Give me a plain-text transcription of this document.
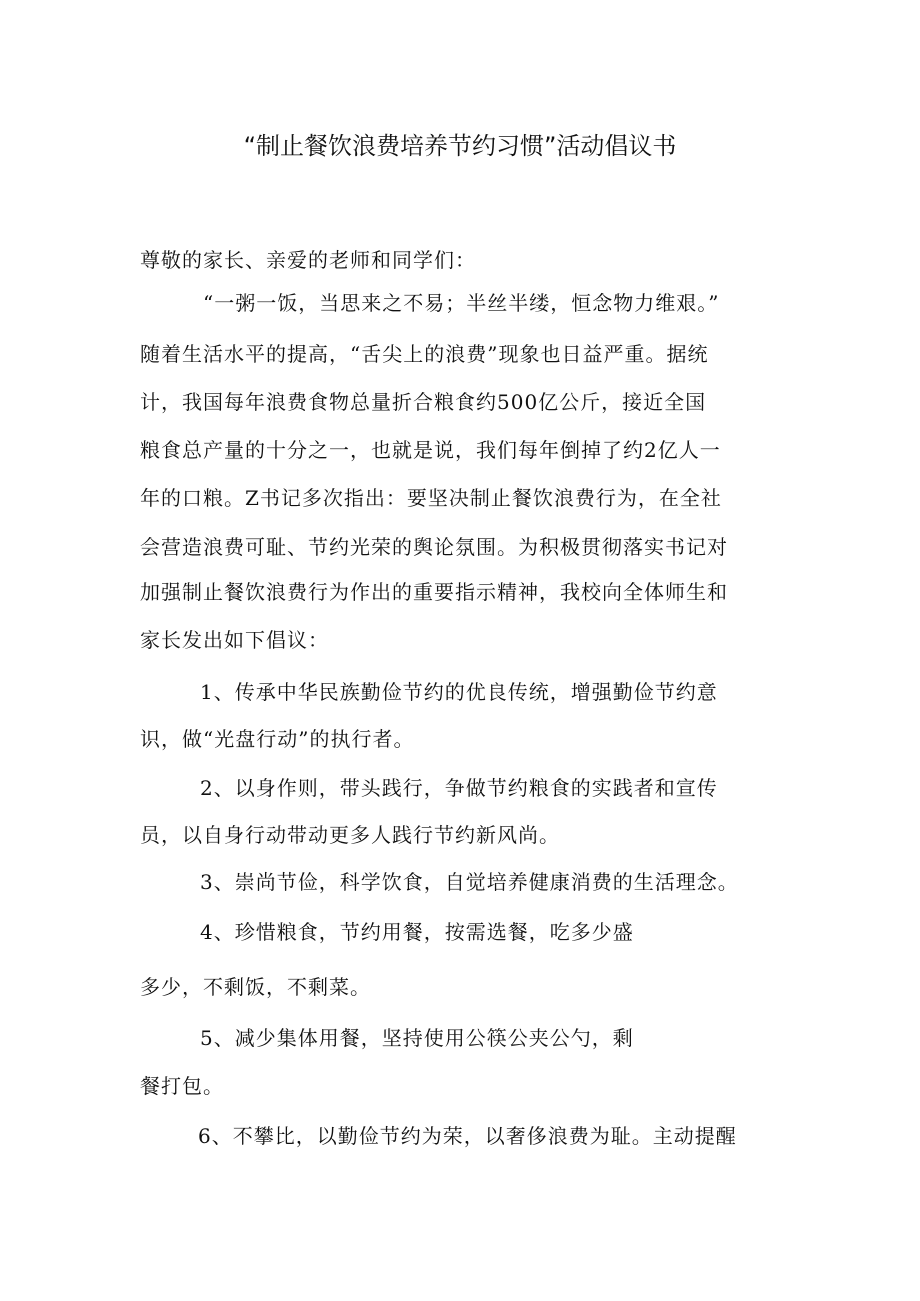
“制止餐饮浪费培养节约习惯”活动倡议书
尊敬的家长、亲爱的老师和同学们：
“一粥一饭，当思来之不易；半丝半缕，恒念物力维艰。”
随着生活水平的提高，“舌尖上的浪费”现象也日益严重。据统
计，我国每年浪费食物总量折合粮食约500亿公斤，接近全国
粮食总产量的十分之一，也就是说，我们每年倒掉了约2亿人一
年的口粮。Z书记多次指出：要坚决制止餐饮浪费行为，在全社
会营造浪费可耻、节约光荣的舆论氛围。为积极贯彻落实书记对
加强制止餐饮浪费行为作出的重要指示精神，我校向全体师生和
家长发出如下倡议：
1、传承中华民族勤俭节约的优良传统，增强勤俭节约意
识，做“光盘行动”的执行者。
2、以身作则，带头践行，争做节约粮食的实践者和宣传
员，以自身行动带动更多人践行节约新风尚。
3、崇尚节俭，科学饮食，自觉培养健康消费的生活理念。
4、珍惜粮食，节约用餐，按需选餐，吃多少盛
多少，不剩饭，不剩菜。
5、减少集体用餐，坚持使用公筷公夹公勺，剩
餐打包。
6、不攀比，以勤俭节约为荣，以奢侈浪费为耻。主动提醒
